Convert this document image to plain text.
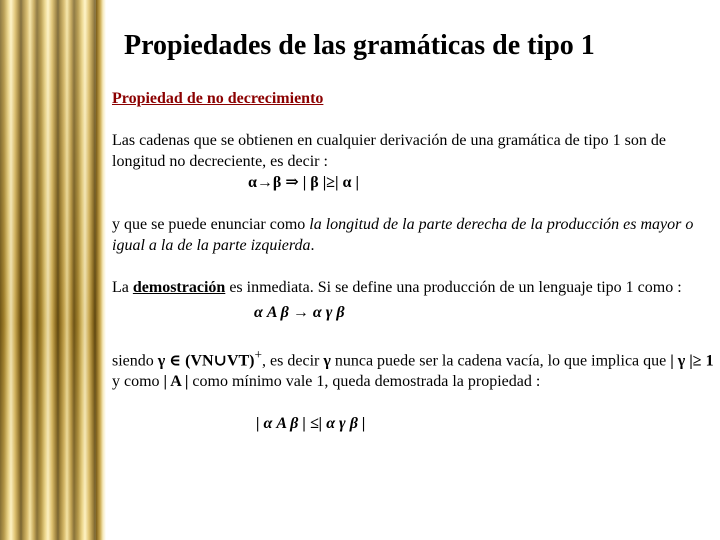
Propiedades de las gramáticas de tipo 1

Propiedad de no decrecimiento

Las cadenas que se obtienen en cualquier derivación de una gramática de tipo 1 son de longitud no decreciente, es decir :

α→β ⇒ | β |≥| α |

y que se puede enunciar como la longitud de la parte derecha de la producción es mayor o igual a la de la parte izquierda.

La demostración es inmediata. Si se define una producción de un lenguaje tipo 1 como :

α A β → α γ β

siendo γ ∈ (VN∪VT)+, es decir γ nunca puede ser la cadena vacía, lo que implica que | γ |≥ 1 y como | A | como mínimo vale 1, queda demostrada la propiedad :

| α A β | ≤| α γ β |
